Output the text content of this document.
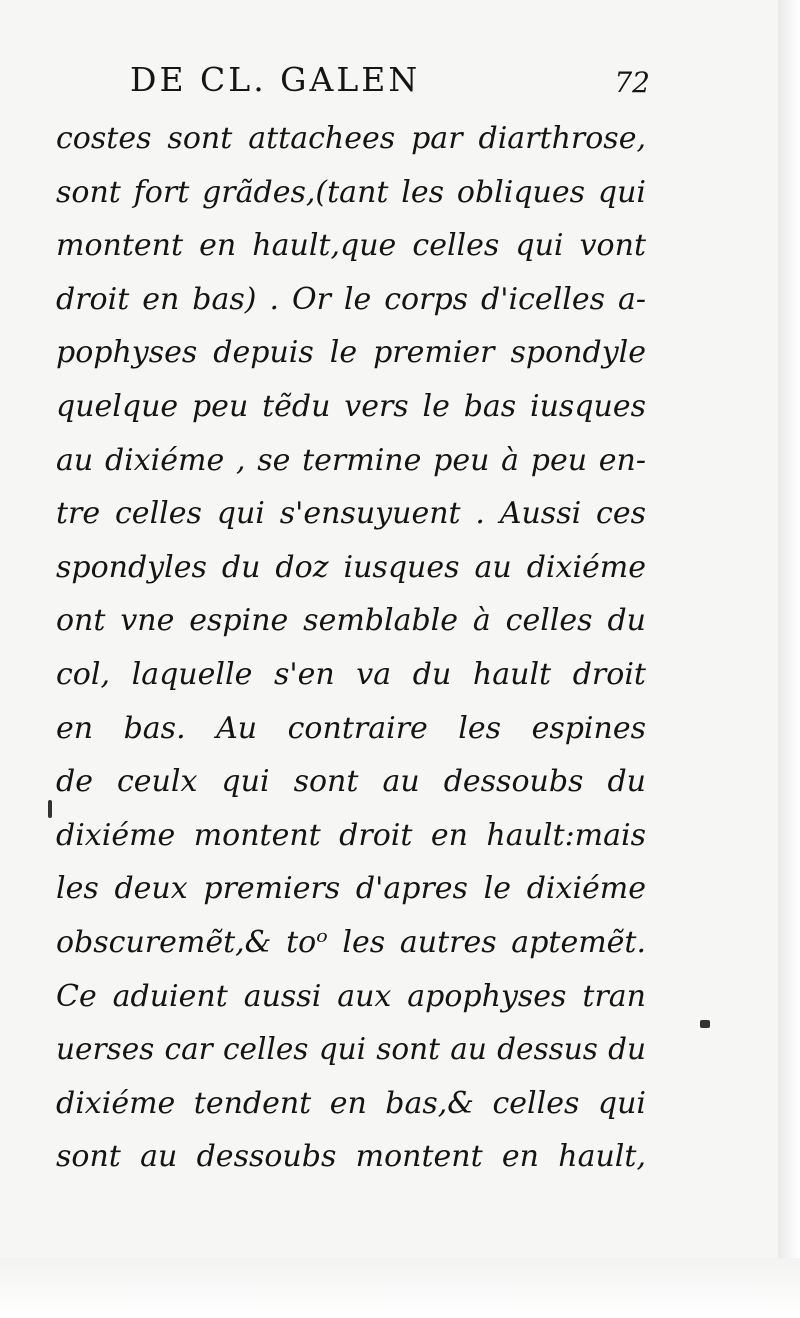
DE CL. GALEN	72
costes sont attachees par diarthrose,
sont fort grãdes,(tant les obliques qui
montent en hault,que celles qui vont
droit en bas) . Or le corps d'icelles a-
pophyses depuis le premier spondyle
quelque peu tẽdu vers le bas iusques
au dixiéme , se termine peu à peu en-
tre celles qui s'ensuyuent . Aussi ces
spondyles du doz iusques au dixiéme
ont vne espine semblable à celles du
col, laquelle s'en va du hault droit
en bas. Au contraire les espines
de ceulx qui sont au dessoubs du
dixiéme montent droit en hault:mais
les deux premiers d'apres le dixiéme
obscuremẽt,& toᵒ les autres aptemẽt.
Ce aduient aussi aux apophyses tran
uerses car celles qui sont au dessus du
dixiéme tendent en bas,& celles qui
sont au dessoubs montent en hault,
